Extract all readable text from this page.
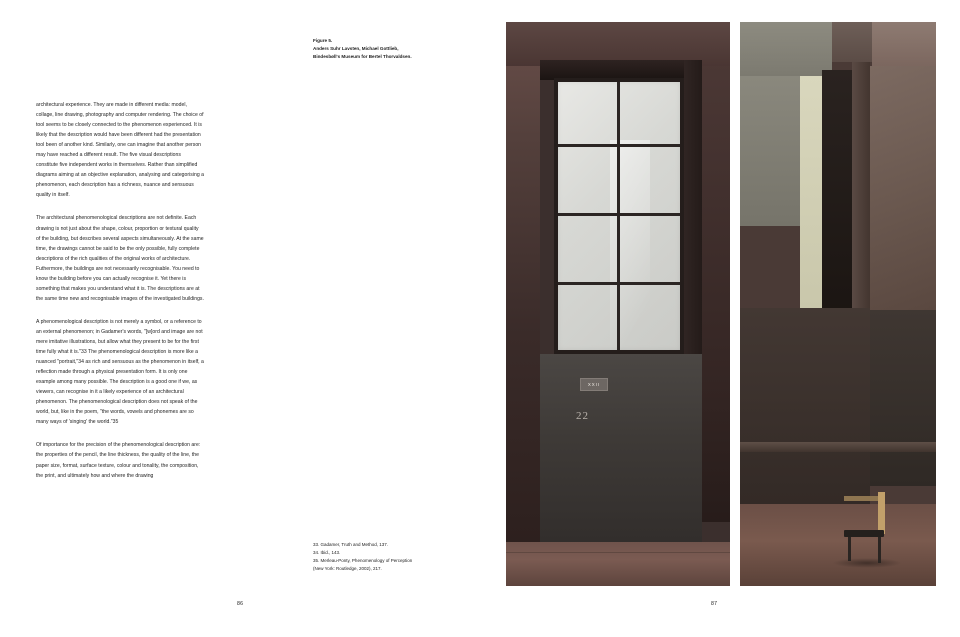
architectural experience. They are made in different media: model, collage, line drawing, photography and computer rendering. The choice of tool seems to be closely connected to the phenomenon experienced. It is likely that the description would have been different had the presentation tool been of another kind. Similarly, one can imagine that another person may have reached a different result. The five visual descriptions constitute five independent works in themselves. Rather than simplified diagrams aiming at an objective explanation, analysing and categorising a phenomenon, each description has a richness, nuance and sensuous quality in itself.

The architectural phenomenological descriptions are not definite. Each drawing is not just about the shape, colour, proportion or textural quality of the building, but describes several aspects simultaneously. At the same time, the drawings cannot be said to be the only possible, fully complete descriptions of the rich qualities of the original works of architecture. Futhermore, the buildings are not necessarily recognisable. You need to know the building before you can actually recognise it. Yet there is something that makes you understand what it is. The descriptions are at the same time new and recognisable images of the investigated buildings.

A phenomenological description is not merely a symbol, or a reference to an external phenomenon; in Gadamer's words, "[w]ord and image are not mere imitative illustrations, but allow what they present to be for the first time fully what it is."33 The phenomenological description is more like a nuanced "portrait,"34 as rich and sensuous as the phenomenon in itself, a reflection made through a physical presentation form. It is only one example among many possible. The description is a good one if we, as viewers, can recognise in it a likely experience of an architectural phenomenon. The phenomenological description does not speak of the world, but, like in the poem, "the words, vowels and phonemes are so many ways of 'singing' the world."35

Of importance for the precision of the phenomenological description are: the properties of the pencil, the line thickness, the quality of the line, the paper size, format, surface texture, colour and tonality, the composition, the print, and ultimately how and where the drawing

86
Figure 5.
Anders Suhr Lavsten, Michael Gottlieb,
Bindesbøll's Museum for Bertel Thorvaldsen.
33. Gadamer, Truth and Method, 137.
34. Ibid., 143.
35. Merleau-Ponty, Phenomenology of Perception
(New York: Routledge, 2002), 217.
XXII
22
87
